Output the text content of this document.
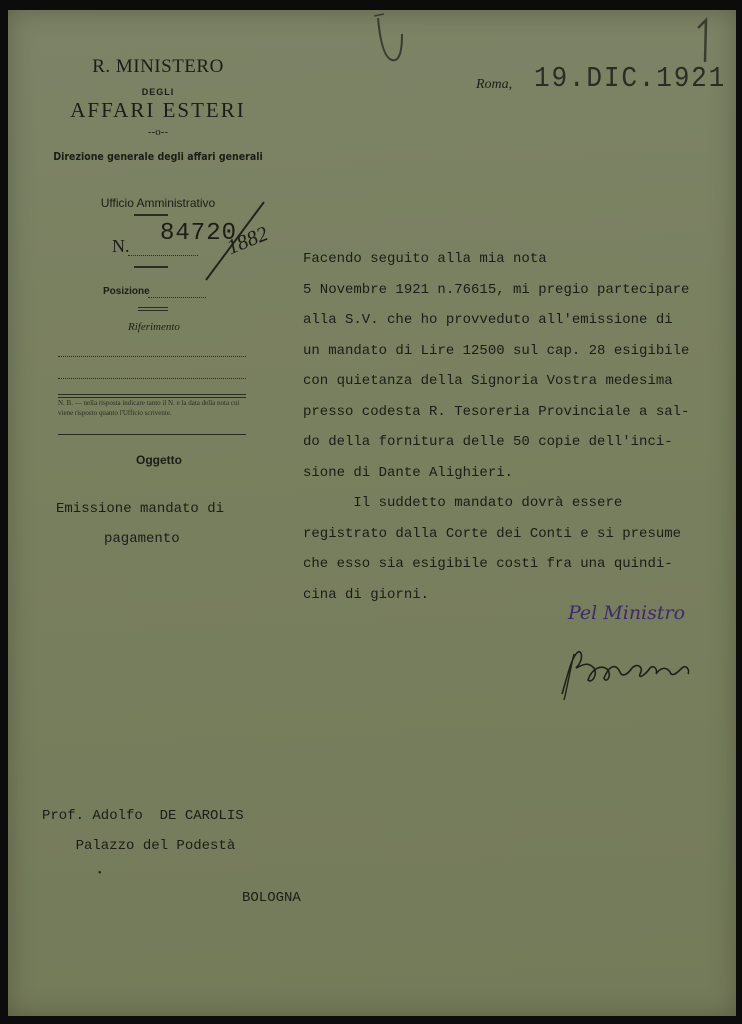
R. MINISTERO
DEGLI
AFFARI ESTERI
--o--
Direzione generale degli affari generali
Ufficio Amministrativo
N. 84720
1882
Posizione
Riferimento
N. B. — nella risposta indicare tanto il N. e la data della nota cui viene risposto quanto l'Ufficio scrivente.
Oggetto
Emissione mandato di
pagamento
Roma, 19.DIC.1921
Facendo seguito alla mia nota
5 Novembre 1921 n.76615, mi pregio partecipare
alla S.V. che ho provveduto all'emissione di
un mandato di Lire 12500 sul cap. 28 esigibile
con quietanza della Signoria Vostra medesima
presso codesta R. Tesoreria Provinciale a sal-
do della fornitura delle 50 copie dell'inci-
sione di Dante Alighieri.
Il suddetto mandato dovrà essere
registrato dalla Corte dei Conti e si presume
che esso sia esigibile costì fra una quindi-
cina di giorni.
Pel Ministro
Prof. Adolfo  DE CAROLIS
Palazzo del Podestà
•
BOLOGNA
